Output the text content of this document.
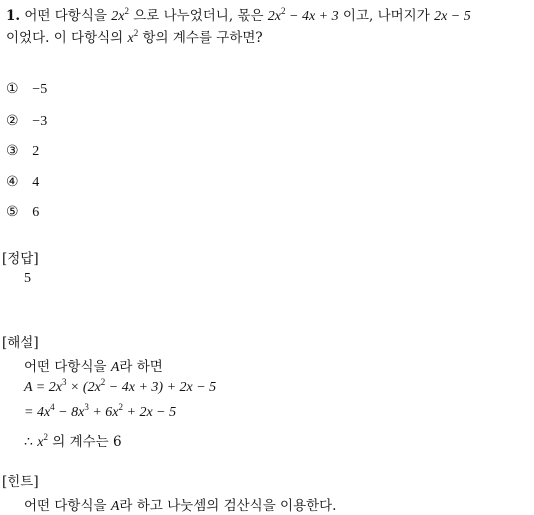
1. 어떤 다항식을 $2x^2$ 으로 나누었더니, 몫은 $2x^2 - 4x + 3$ 이고, 나머지가 2x − 5
이었다. 이 다항식의 $x^2$ 항의 계수를 구하면?
① −5
② −3
③ 2
④ 4
⑤ 6
[정답]
5
[해설]
어떤 다항식을 A라 하면
$A = 2x^3 \times (2x^2 - 4x + 3) + 2x - 5$
= $4x^4 - 8x^3 + 6x^2 + 2x - 5$
∴ $x^2$ 의 계수는 6
[힌트]
어떤 다항식을 A라 하고 나눗셈의 검산식을 이용한다.
